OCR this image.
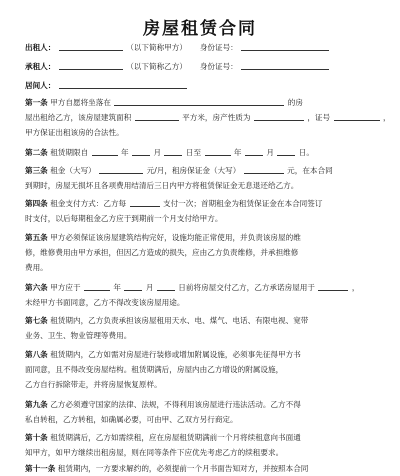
房屋租赁合同
出租人：	（以下简称甲方） 身份证号：
承租人：	（以下简称乙方） 身份证号：
居间人：
第一条 甲方自愿将坐落在	的房
屋出租给乙方，该房屋建筑面积	平方米，房产性质为	，证号	，
甲方保证出租该房的合法性。
第二条 租赁期限自	年	月	日至	年	月	日。
第三条 租金（大写）	元/月，租房保证金（大写）	元，在本合同
到期时，房屋无损坏且各项费用结清后三日内甲方将租赁保证金无息退还给乙方。
第四条 租金支付方式：乙方每	支付一次；首期租金为租赁保证金在本合同签订
时支付，以后每期租金乙方应于到期前一个月支付给甲方。
第五条 甲方必须保证该房屋建筑结构完好，设施均能正常使用，并负责该房屋的维
修，维修费用由甲方承担，但因乙方造成的损失，应由乙方负责维修，并承担维修
费用。
第六条 甲方应于	年	月	日前将房屋交付乙方，乙方承诺房屋用于	，
未经甲方书面同意，乙方不得改变该房屋用途。
第七条 租赁期内，乙方负责承担该房屋租用天水、电、煤气、电话、有限电视、宽带
业务、卫生、物业管理等费用。
第八条 租赁期内，乙方如需对房屋进行装修或增加附属设施，必须事先征得甲方书
面同意，且不得改变房屋结构。租赁期满后，房屋内由乙方增设的附属设施，
乙方自行拆除带走，并将房屋恢复原样。
第九条 乙方必须遵守国家的法律、法规，不得利用该房屋进行违法活动。乙方不得
私自转租，乙方转租，如确属必要，可由甲、乙双方另行商定。
第十条 租赁期满后，乙方如需续租，应在房屋租赁期满前一个月将续租意向书面通
知甲方，如甲方继续出租房屋，则在同等条件下应优先考虑乙方的续租要求。
第十一条 租赁期内，一方要求解约的，必须提前一个月书面告知对方，并按照本合同
